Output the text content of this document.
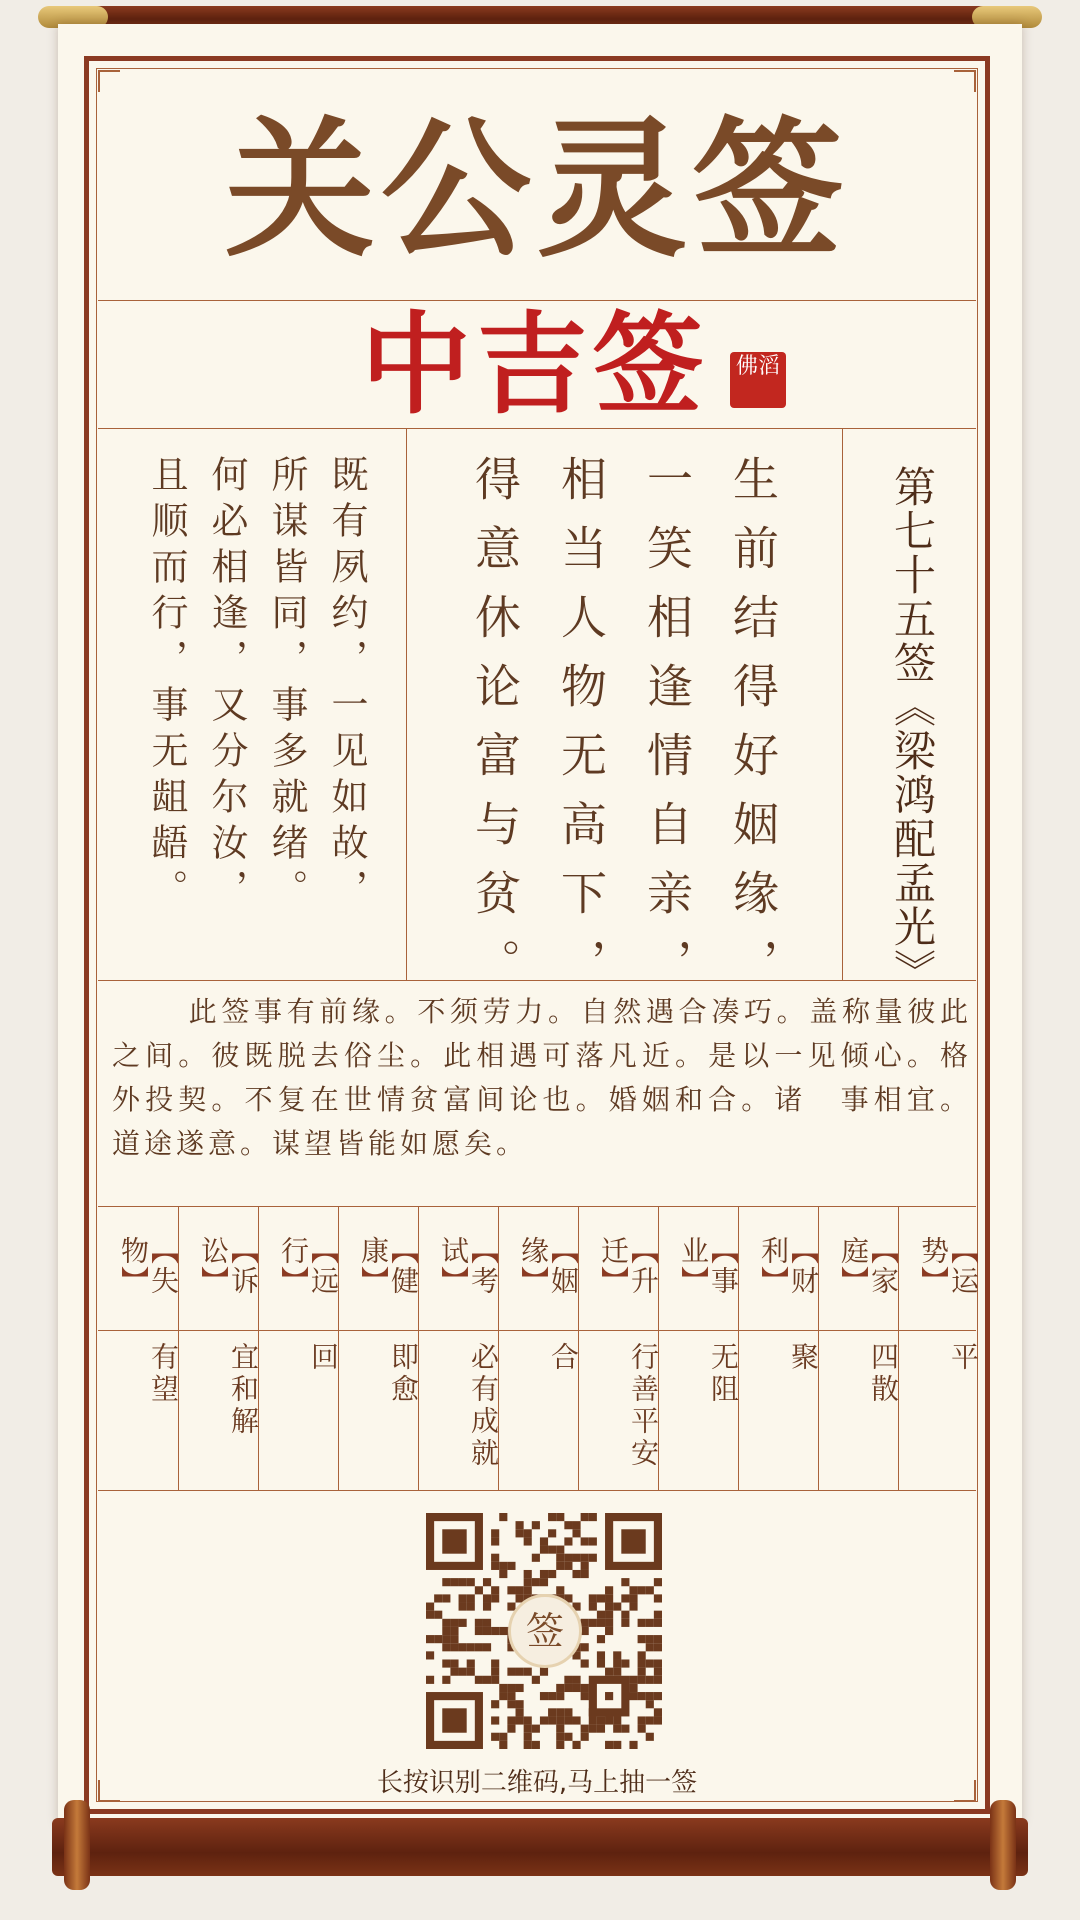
关公灵签
中吉签	佛滔
第七十五签《梁鸿配孟光》
生前结得好姻缘，
一笑相逢情自亲，
相当人物无高下，
得意休论富与贫。
既有夙约，一见如故，
所谋皆同，事多就绪。
何必相逢，又分尔汝，
且顺而行，事无龃龉。
此签事有前缘。不须劳力。自然遇合凑巧。盖称量彼此之间。彼既脱去俗尘。此相遇可落凡近。是以一见倾心。格外投契。不复在世情贫富间论也。婚姻和合。诸　事相宜。道途遂意。谋望皆能如愿矣。
【运势】
平
【家庭】
四散
【财利】
聚
【事业】
无阻
【升迁】
行善平安
【姻缘】
合
【考试】
必有成就
【健康】
即愈
【远行】
回
【诉讼】
宜和解
【失物】
有望
签
长按识别二维码,马上抽一签
